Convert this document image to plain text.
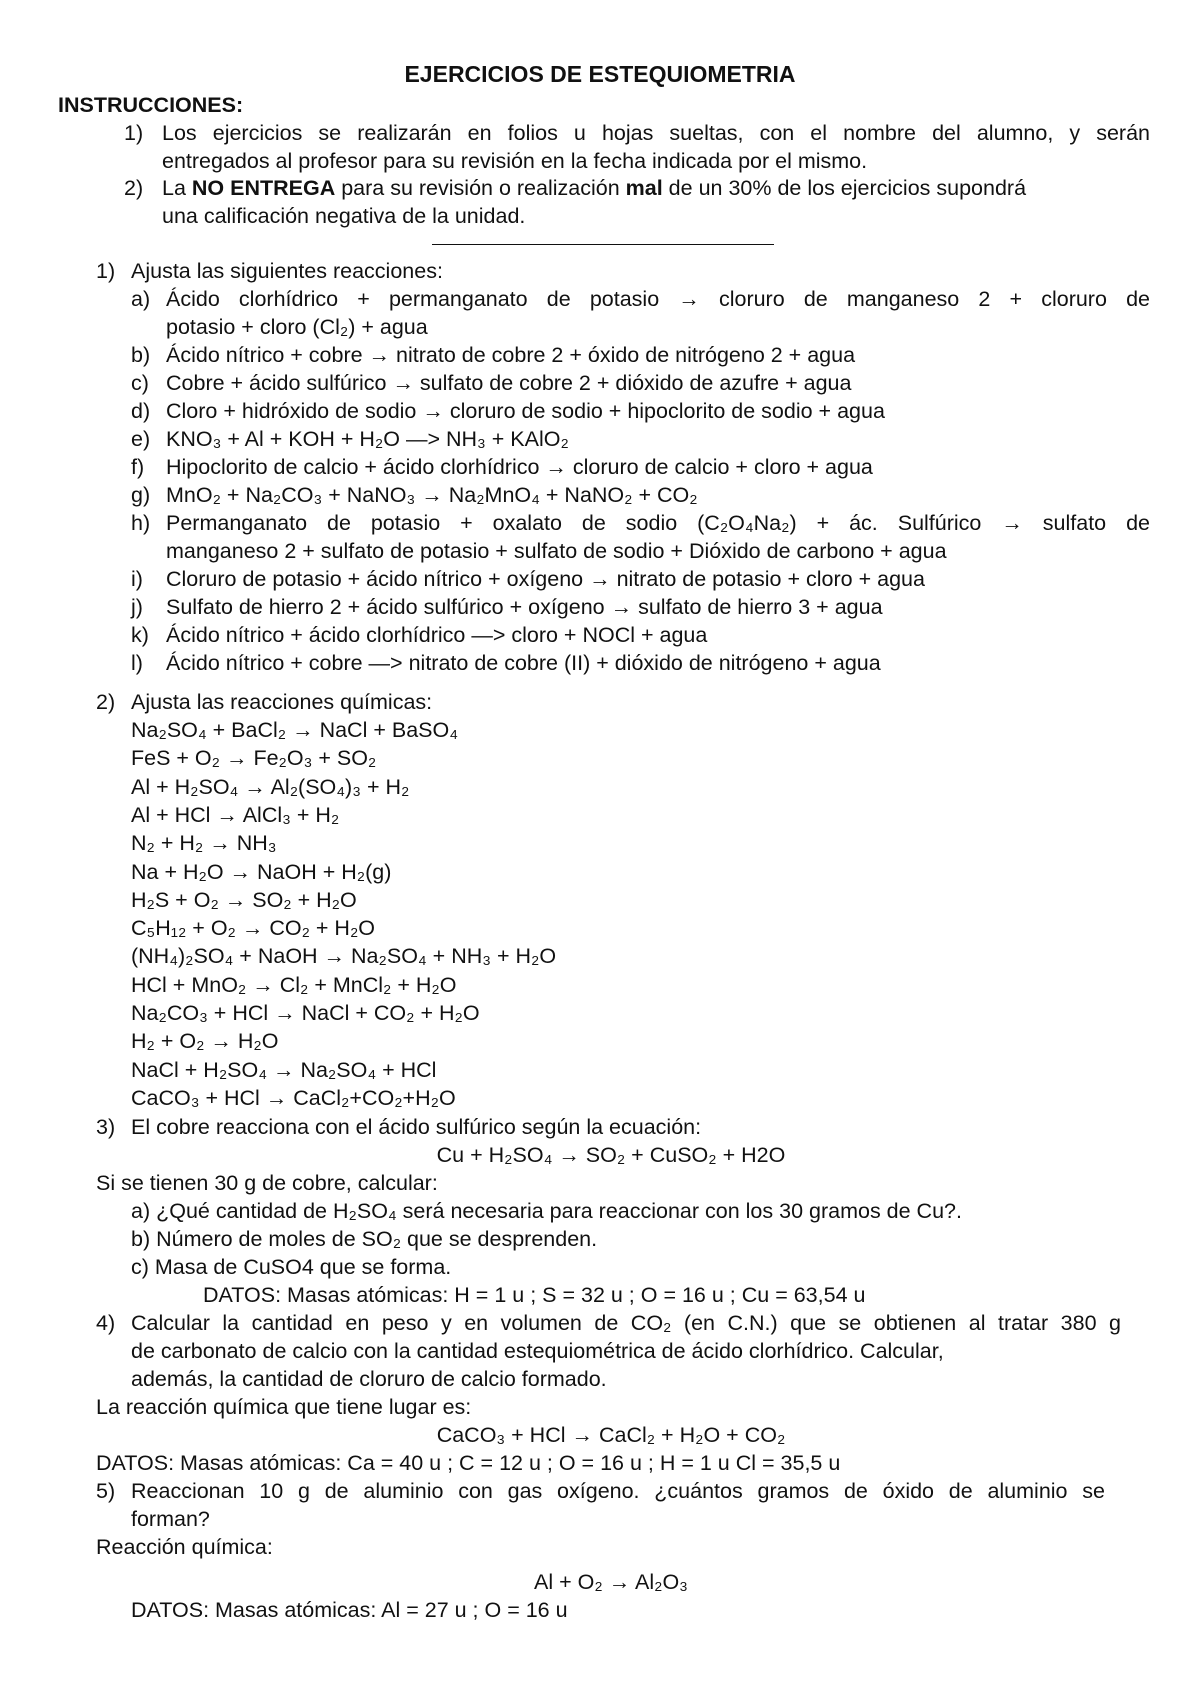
EJERCICIOS DE ESTEQUIOMETRIA
INSTRUCCIONES:
1) Los ejercicios se realizarán en folios u hojas sueltas, con el nombre del alumno, y serán
entregados al profesor para su revisión en la fecha indicada por el mismo.
2) La NO ENTREGA para su revisión o realización mal de un 30% de los ejercicios supondrá
una calificación negativa de la unidad.
1) Ajusta las siguientes reacciones:
a) Ácido clorhídrico + permanganato de potasio → cloruro de manganeso 2 + cloruro de
potasio + cloro (Cl₂) + agua
b) Ácido nítrico + cobre → nitrato de cobre 2 + óxido de nitrógeno 2 + agua
c) Cobre + ácido sulfúrico → sulfato de cobre 2 + dióxido de azufre + agua
d) Cloro + hidróxido de sodio → cloruro de sodio + hipoclorito de sodio + agua
e) KNO₃ + Al + KOH + H₂O —> NH₃ + KAlO₂
f) Hipoclorito de calcio + ácido clorhídrico → cloruro de calcio + cloro + agua
g) MnO₂ + Na₂CO₃ + NaNO₃ → Na₂MnO₄ + NaNO₂ + CO₂
h) Permanganato de potasio + oxalato de sodio (C₂O₄Na₂) + ác. Sulfúrico → sulfato de
manganeso 2 + sulfato de potasio + sulfato de sodio + Dióxido de carbono + agua
i) Cloruro de potasio + ácido nítrico + oxígeno → nitrato de potasio + cloro + agua
j) Sulfato de hierro 2 + ácido sulfúrico + oxígeno → sulfato de hierro 3 + agua
k) Ácido nítrico + ácido clorhídrico —> cloro + NOCl + agua
l) Ácido nítrico + cobre —> nitrato de cobre (II) + dióxido de nitrógeno + agua
2) Ajusta las reacciones químicas:
Na₂SO₄ + BaCl₂ → NaCl + BaSO₄
FeS + O₂ → Fe₂O₃ + SO₂
Al + H₂SO₄ → Al₂(SO₄)₃ + H₂
Al + HCl → AlCl₃ + H₂
N₂ + H₂ → NH₃
Na + H₂O → NaOH + H₂(g)
H₂S + O₂ → SO₂ + H₂O
C₅H₁₂ + O₂ → CO₂ + H₂O
(NH₄)₂SO₄ + NaOH → Na₂SO₄ + NH₃ + H₂O
HCl + MnO₂ → Cl₂ + MnCl₂ + H₂O
Na₂CO₃ + HCl → NaCl + CO₂ + H₂O
H₂ + O₂ → H₂O
NaCl + H₂SO₄ → Na₂SO₄ + HCl
CaCO₃ + HCl → CaCl₂+CO₂+H₂O
3) El cobre reacciona con el ácido sulfúrico según la ecuación:
Cu + H₂SO₄ → SO₂ + CuSO₂ + H2O
Si se tienen 30 g de cobre, calcular:
a) ¿Qué cantidad de H₂SO₄ será necesaria para reaccionar con los 30 gramos de Cu?.
b) Número de moles de SO₂ que se desprenden.
c) Masa de CuSO4 que se forma.
DATOS: Masas atómicas: H = 1 u ; S = 32 u ; O = 16 u ; Cu = 63,54 u
4) Calcular la cantidad en peso y en volumen de CO₂ (en C.N.) que se obtienen al tratar 380 g
de carbonato de calcio con la cantidad estequiométrica de ácido clorhídrico. Calcular,
además, la cantidad de cloruro de calcio formado.
La reacción química que tiene lugar es:
CaCO₃ + HCl → CaCl₂ + H₂O + CO₂
DATOS: Masas atómicas: Ca = 40 u ; C = 12 u ; O = 16 u ; H = 1 u Cl = 35,5 u
5) Reaccionan 10 g de aluminio con gas oxígeno. ¿cuántos gramos de óxido de aluminio se
forman?
Reacción química:
Al + O₂ → Al₂O₃
DATOS: Masas atómicas: Al = 27 u ; O = 16 u
